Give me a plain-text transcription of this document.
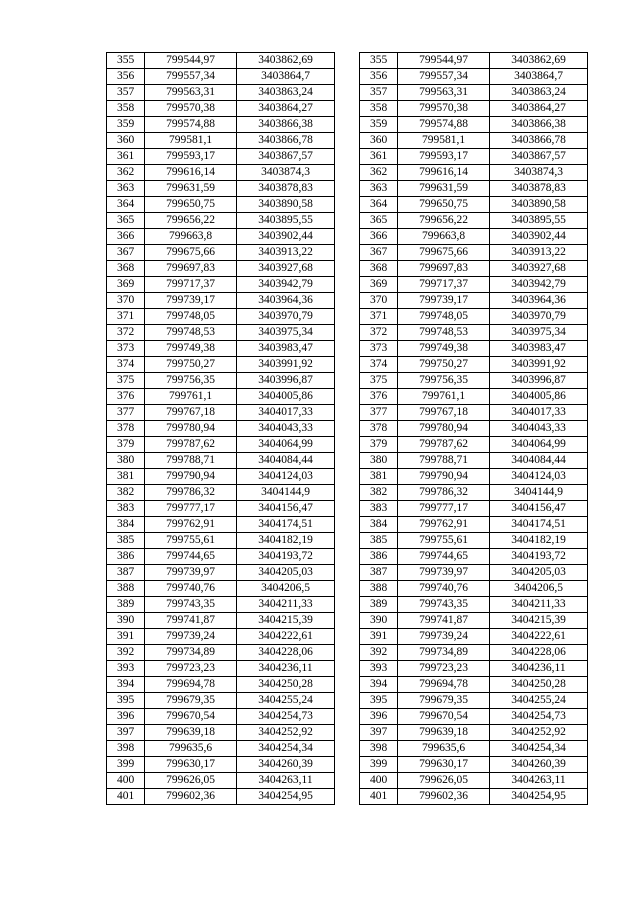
355	799544,97	3403862,69
356	799557,34	3403864,7
357	799563,31	3403863,24
358	799570,38	3403864,27
359	799574,88	3403866,38
360	799581,1	3403866,78
361	799593,17	3403867,57
362	799616,14	3403874,3
363	799631,59	3403878,83
364	799650,75	3403890,58
365	799656,22	3403895,55
366	799663,8	3403902,44
367	799675,66	3403913,22
368	799697,83	3403927,68
369	799717,37	3403942,79
370	799739,17	3403964,36
371	799748,05	3403970,79
372	799748,53	3403975,34
373	799749,38	3403983,47
374	799750,27	3403991,92
375	799756,35	3403996,87
376	799761,1	3404005,86
377	799767,18	3404017,33
378	799780,94	3404043,33
379	799787,62	3404064,99
380	799788,71	3404084,44
381	799790,94	3404124,03
382	799786,32	3404144,9
383	799777,17	3404156,47
384	799762,91	3404174,51
385	799755,61	3404182,19
386	799744,65	3404193,72
387	799739,97	3404205,03
388	799740,76	3404206,5
389	799743,35	3404211,33
390	799741,87	3404215,39
391	799739,24	3404222,61
392	799734,89	3404228,06
393	799723,23	3404236,11
394	799694,78	3404250,28
395	799679,35	3404255,24
396	799670,54	3404254,73
397	799639,18	3404252,92
398	799635,6	3404254,34
399	799630,17	3404260,39
400	799626,05	3404263,11
401	799602,36	3404254,95
355	799544,97	3403862,69
356	799557,34	3403864,7
357	799563,31	3403863,24
358	799570,38	3403864,27
359	799574,88	3403866,38
360	799581,1	3403866,78
361	799593,17	3403867,57
362	799616,14	3403874,3
363	799631,59	3403878,83
364	799650,75	3403890,58
365	799656,22	3403895,55
366	799663,8	3403902,44
367	799675,66	3403913,22
368	799697,83	3403927,68
369	799717,37	3403942,79
370	799739,17	3403964,36
371	799748,05	3403970,79
372	799748,53	3403975,34
373	799749,38	3403983,47
374	799750,27	3403991,92
375	799756,35	3403996,87
376	799761,1	3404005,86
377	799767,18	3404017,33
378	799780,94	3404043,33
379	799787,62	3404064,99
380	799788,71	3404084,44
381	799790,94	3404124,03
382	799786,32	3404144,9
383	799777,17	3404156,47
384	799762,91	3404174,51
385	799755,61	3404182,19
386	799744,65	3404193,72
387	799739,97	3404205,03
388	799740,76	3404206,5
389	799743,35	3404211,33
390	799741,87	3404215,39
391	799739,24	3404222,61
392	799734,89	3404228,06
393	799723,23	3404236,11
394	799694,78	3404250,28
395	799679,35	3404255,24
396	799670,54	3404254,73
397	799639,18	3404252,92
398	799635,6	3404254,34
399	799630,17	3404260,39
400	799626,05	3404263,11
401	799602,36	3404254,95
